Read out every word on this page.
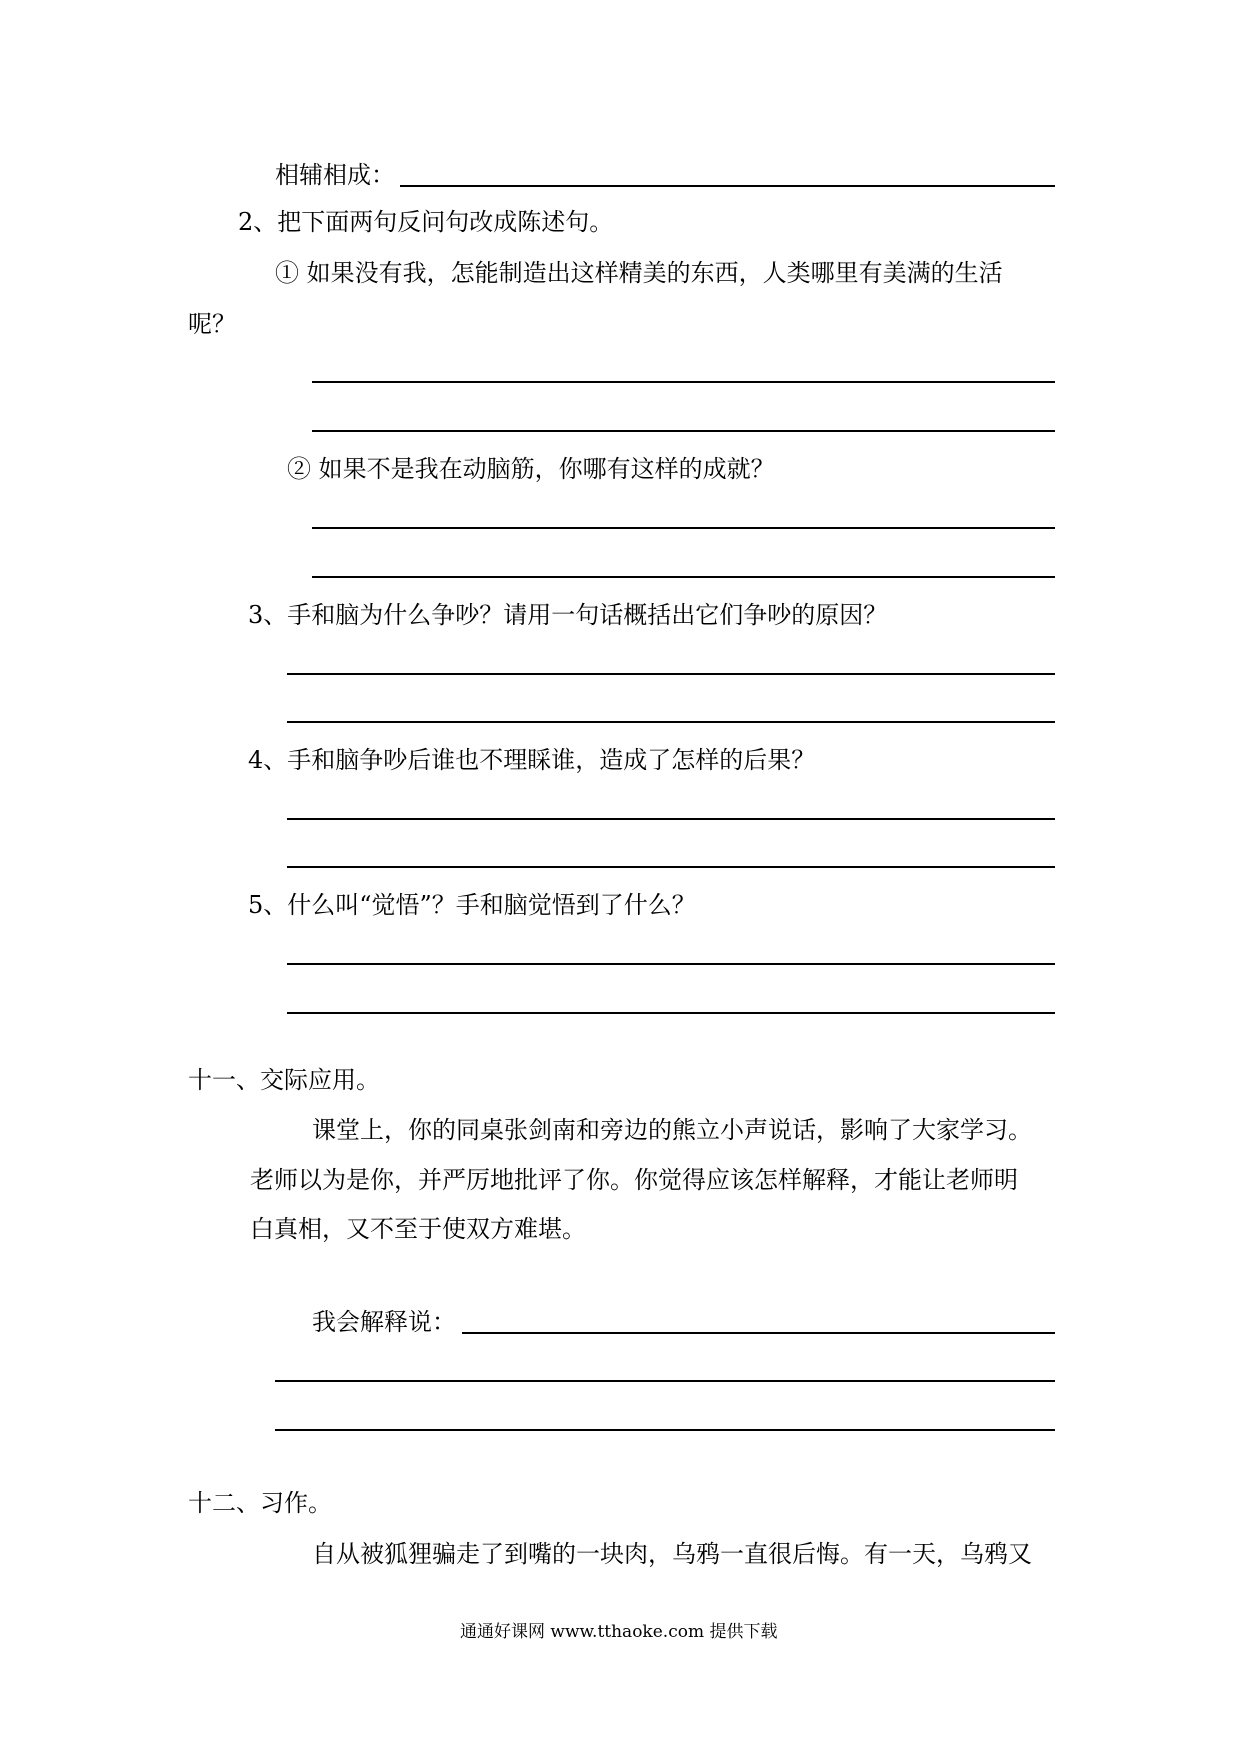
相辅相成：
2、把下面两句反问句改成陈述句。
① 如果没有我，怎能制造出这样精美的东西，人类哪里有美满的生活
呢？
② 如果不是我在动脑筋，你哪有这样的成就？
3、手和脑为什么争吵？请用一句话概括出它们争吵的原因？
4、手和脑争吵后谁也不理睬谁，造成了怎样的后果？
5、什么叫“觉悟”？手和脑觉悟到了什么？
十一、交际应用。
课堂上，你的同桌张剑南和旁边的熊立小声说话，影响了大家学习。
老师以为是你，并严厉地批评了你。你觉得应该怎样解释，才能让老师明
白真相，又不至于使双方难堪。
我会解释说：
十二、习作。
自从被狐狸骗走了到嘴的一块肉，乌鸦一直很后悔。有一天，乌鸦又
通通好课网 www.tthaoke.com 提供下载
